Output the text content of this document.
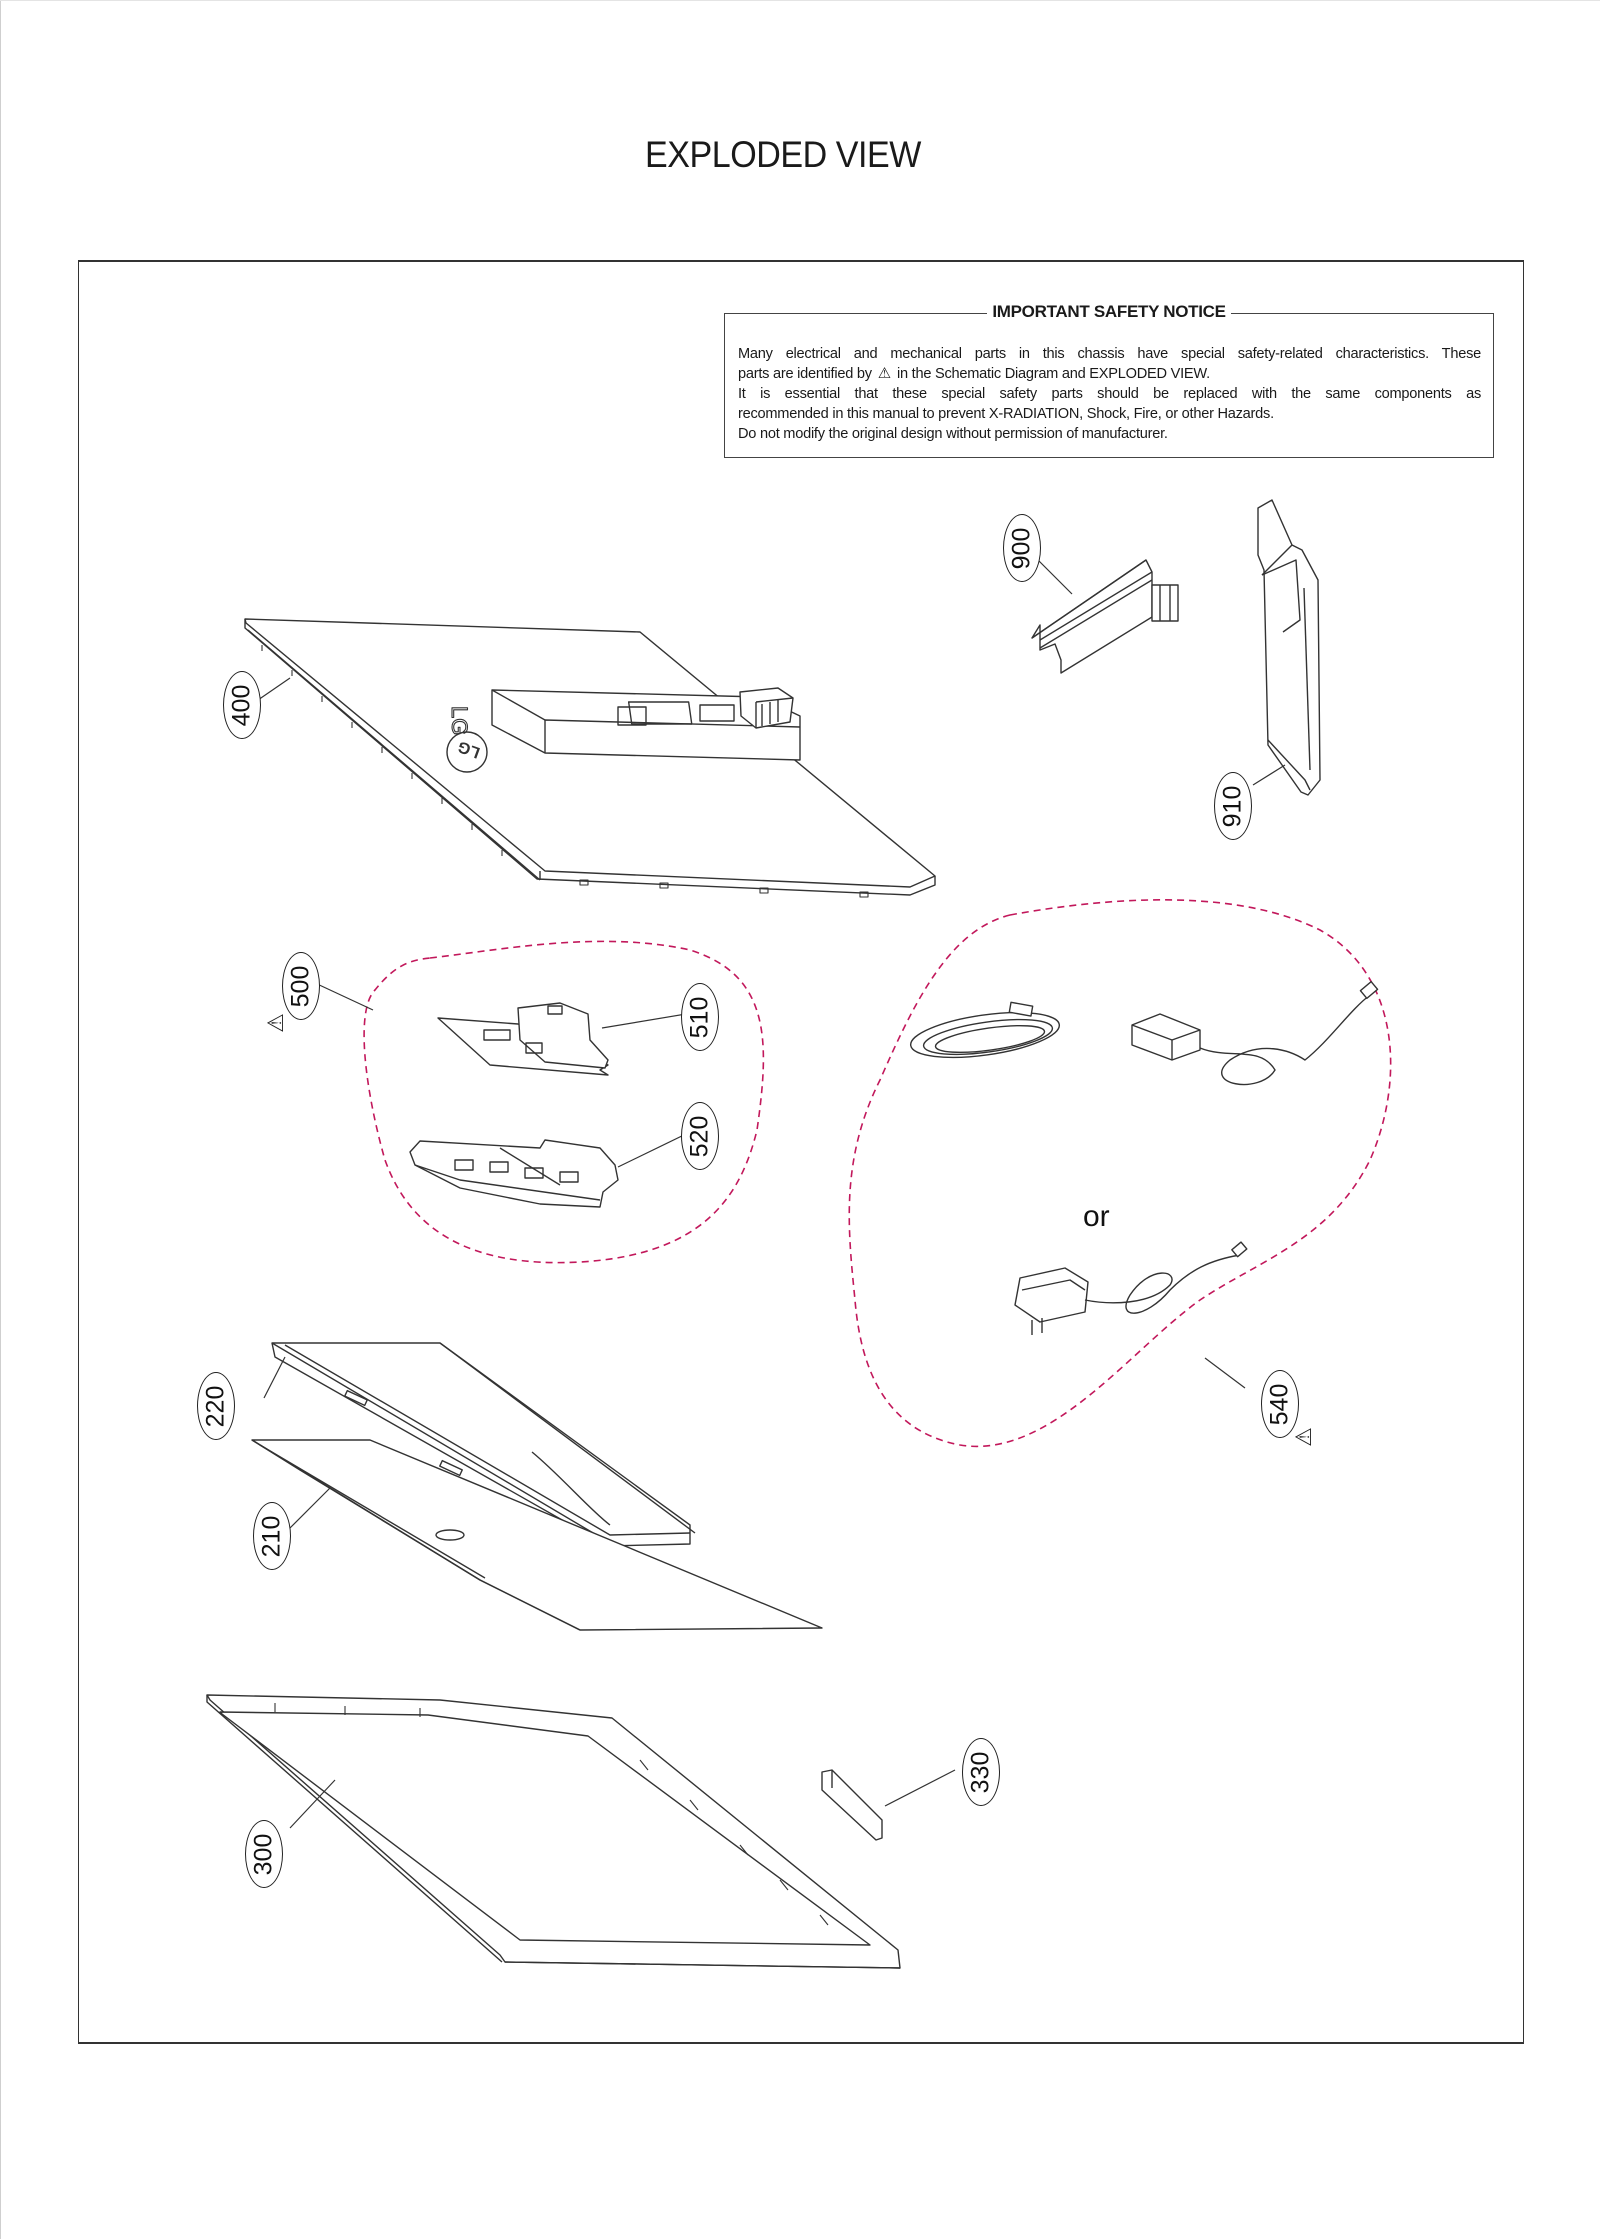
EXPLODED VIEW
IMPORTANT SAFETY NOTICE
Many electrical and mechanical parts in this chassis have special safety-related characteristics. These
parts are identified by ⚠ in the Schematic Diagram and EXPLODED VIEW.
It is essential that these special safety parts should be replaced with the same components as
recommended in this manual to prevent X-RADIATION, Shock, Fire, or other Hazards.
Do not modify the original design without permission of manufacturer.
LG
LG
400
900
910
500
510
520
540
220
210
300
330
⚠
⚠
or
